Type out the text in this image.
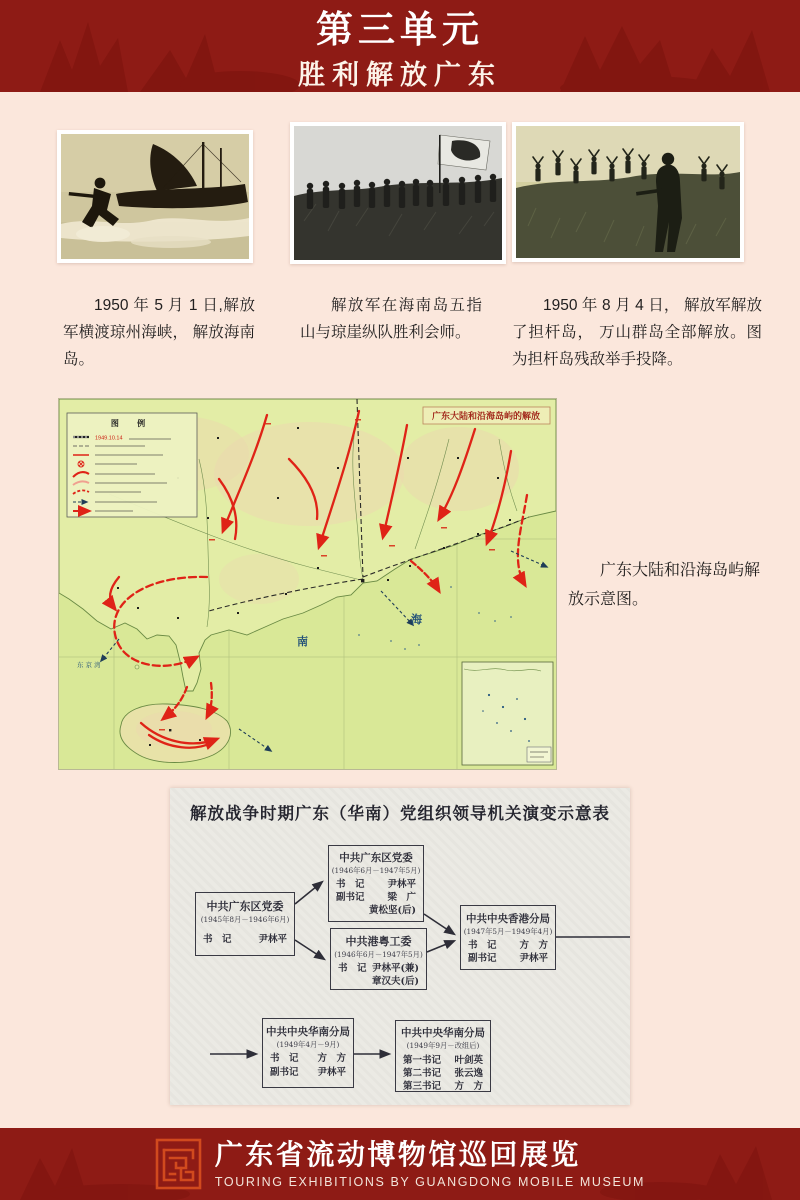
第三单元
胜利解放广东
1950 年 5 月 1 日,解放军横渡琼州海峡， 解放海南岛。
解放军在海南岛五指山与琼崖纵队胜利会师。
1950 年 8 月 4 日， 解放军解放了担杆岛， 万山群岛全部解放。图为担杆岛残敌举手投降。
南
海
东京湾
图 例
1949.10.14
广东大陆和沿海岛屿的解放
广东大陆和沿海岛屿解放示意图。
解放战争时期广东（华南）党组织领导机关演变示意表
中共广东区党委
(1945年8月－1946年6月)
书　记	尹林平
中共广东区党委
(1946年6月－1947年5月)
书　记 尹林平
副书记 梁　广
黄松坚(后)
中共港粤工委
(1946年6月－1947年5月)
书　记 尹林平(兼)
章汉夫(后)
中共中央香港分局
(1947年5月－1949年4月)
书　记 方　方
副书记 尹林平
中共中央华南分局
(1949年4月－9月)
书　记 方　方
副书记 尹林平
中共中央华南分局
(1949年9月－改组后)
第一书记 叶剑英
第二书记 张云逸
第三书记 方　方
广东省流动博物馆巡回展览
TOURING EXHIBITIONS BY GUANGDONG MOBILE MUSEUM
